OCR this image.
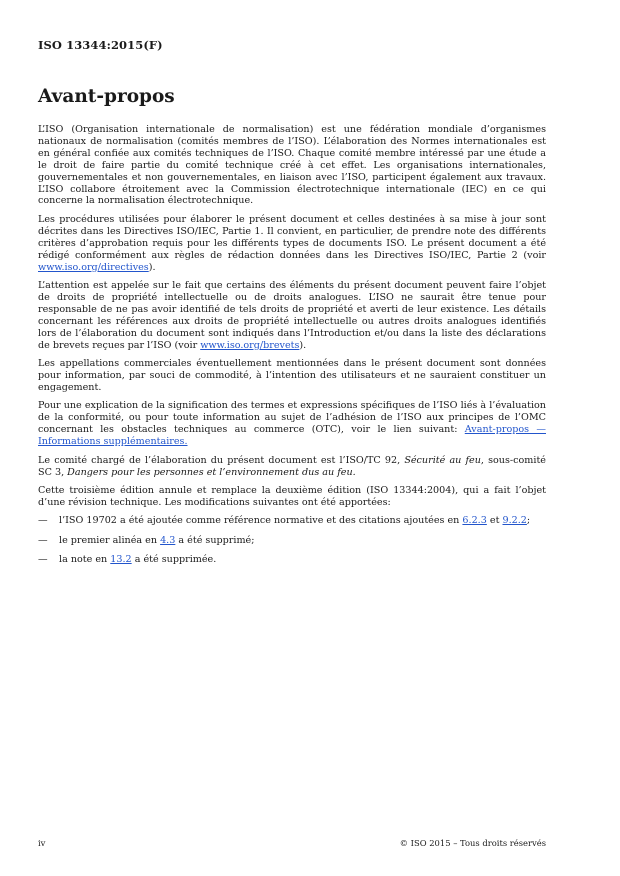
ISO 13344:2015(F)
Avant-propos

L’ISO (Organisation internationale de normalisation) est une fédération mondiale d’organismes nationaux de normalisation (comités membres de l’ISO). L’élaboration des Normes internationales est en général confiée aux comités techniques de l’ISO. Chaque comité membre intéressé par une étude a le droit de faire partie du comité technique créé à cet effet. Les organisations internationales, gouvernementales et non gouvernementales, en liaison avec l’ISO, participent également aux travaux. L’ISO collabore étroitement avec la Commission électrotechnique internationale (IEC) en ce qui concerne la normalisation électrotechnique.

Les procédures utilisées pour élaborer le présent document et celles destinées à sa mise à jour sont décrites dans les Directives ISO/IEC, Partie 1. Il convient, en particulier, de prendre note des différents critères d’approbation requis pour les différents types de documents ISO. Le présent document a été rédigé conformément aux règles de rédaction données dans les Directives ISO/IEC, Partie 2 (voir www.iso.org/directives).

L’attention est appelée sur le fait que certains des éléments du présent document peuvent faire l’objet de droits de propriété intellectuelle ou de droits analogues. L’ISO ne saurait être tenue pour responsable de ne pas avoir identifié de tels droits de propriété et averti de leur existence. Les détails concernant les références aux droits de propriété intellectuelle ou autres droits analogues identifiés lors de l’élaboration du document sont indiqués dans l’Introduction et/ou dans la liste des déclarations de brevets reçues par l’ISO (voir www.iso.org/brevets).

Les appellations commerciales éventuellement mentionnées dans le présent document sont données pour information, par souci de commodité, à l’intention des utilisateurs et ne sauraient constituer un engagement.

Pour une explication de la signification des termes et expressions spécifiques de l’ISO liés à l’évaluation de la conformité, ou pour toute information au sujet de l’adhésion de l’ISO aux principes de l’OMC concernant les obstacles techniques au commerce (OTC), voir le lien suivant: Avant-propos — Informations supplémentaires.

Le comité chargé de l’élaboration du présent document est l’ISO/TC 92, Sécurité au feu, sous-comité SC 3, Dangers pour les personnes et l’environnement dus au feu.

Cette troisième édition annule et remplace la deuxième édition (ISO 13344:2004), qui a fait l’objet d’une révision technique. Les modifications suivantes ont été apportées:

—	l’ISO 19702 a été ajoutée comme référence normative et des citations ajoutées en 6.2.3 et 9.2.2;
—	le premier alinéa en 4.3 a été supprimé;
—	la note en 13.2 a été supprimée.
iv	© ISO 2015 – Tous droits réservés
